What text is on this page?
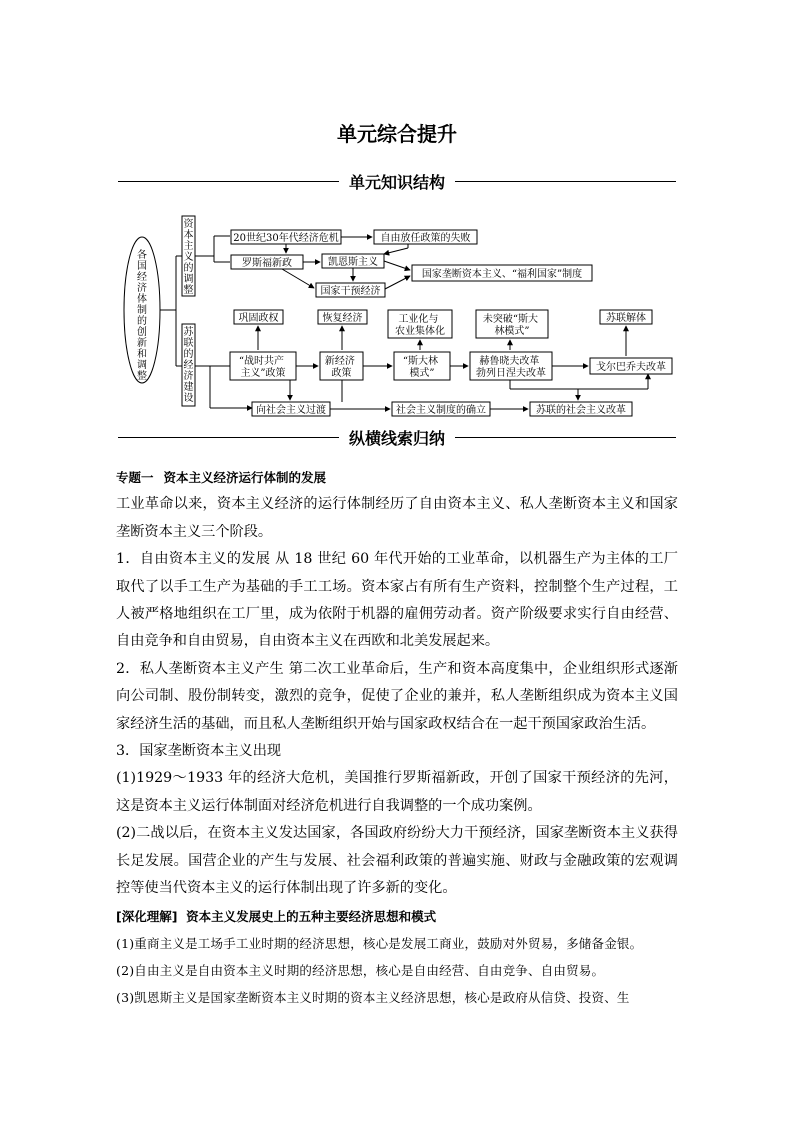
单元综合提升
单元知识结构
各国经济体制的创新和调整
资本主义的调整
苏联的经济建设
20世纪30年代经济危机	自由放任政策的失败
罗斯福新政	凯恩斯主义
国家干预经济
国家垄断资本主义、“福利国家”制度
巩固政权	恢复经济	苏联解体
戈尔巴乔夫改革
向社会主义过渡	社会主义制度的确立	苏联的社会主义改革
工业化与 农业集体化
未突破“斯大 林模式”
“战时共产 主义”政策
新经济 政策
“斯大林 模式”
赫鲁晓夫改革 勃列日涅夫改革
纵横线索归纳

专题一 资本主义经济运行体制的发展

工业革命以来，资本主义经济的运行体制经历了自由资本主义、私人垄断资本主义和国家垄断资本主义三个阶段。

1．自由资本主义的发展 从 18 世纪 60 年代开始的工业革命，以机器生产为主体的工厂取代了以手工生产为基础的手工工场。资本家占有所有生产资料，控制整个生产过程，工人被严格地组织在工厂里，成为依附于机器的雇佣劳动者。资产阶级要求实行自由经营、自由竞争和自由贸易，自由资本主义在西欧和北美发展起来。

2．私人垄断资本主义产生 第二次工业革命后，生产和资本高度集中，企业组织形式逐渐向公司制、股份制转变，激烈的竞争，促使了企业的兼并，私人垄断组织成为资本主义国家经济生活的基础，而且私人垄断组织开始与国家政权结合在一起干预国家政治生活。

3．国家垄断资本主义出现

(1)1929～1933 年的经济大危机，美国推行罗斯福新政，开创了国家干预经济的先河，这是资本主义运行体制面对经济危机进行自我调整的一个成功案例。

(2)二战以后，在资本主义发达国家，各国政府纷纷大力干预经济，国家垄断资本主义获得长足发展。国营企业的产生与发展、社会福利政策的普遍实施、财政与金融政策的宏观调控等使当代资本主义的运行体制出现了许多新的变化。

[深化理解] 资本主义发展史上的五种主要经济思想和模式

(1)重商主义是工场手工业时期的经济思想，核心是发展工商业，鼓励对外贸易，多储备金银。

(2)自由主义是自由资本主义时期的经济思想，核心是自由经营、自由竞争、自由贸易。

(3)凯恩斯主义是国家垄断资本主义时期的资本主义经济思想，核心是政府从信贷、投资、生
